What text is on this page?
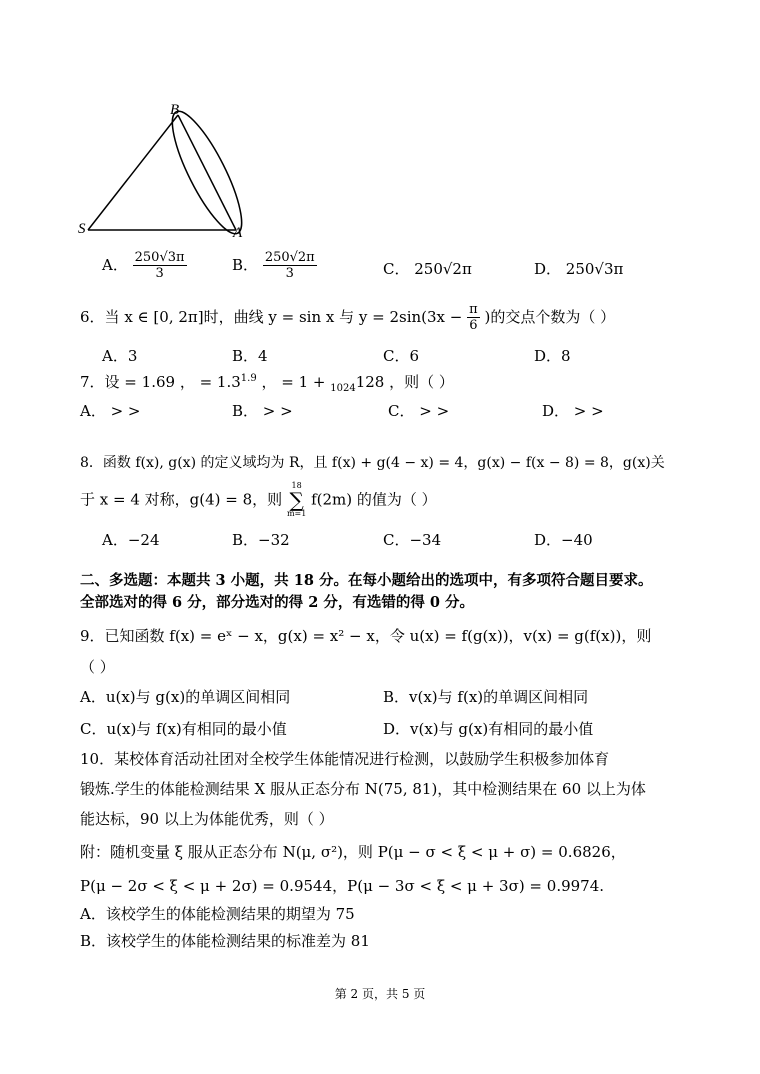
B
S	A
A． $\frac{250√3\pi}{3}$	B． $\frac{250√2\pi}{3}$	C． 250√2π	D． 250√3π
6．当 x ∈ [0, 2π]时，曲线 y = sin x 与 $y = 2\sin(3x - \frac{\pi}{6}$ )的交点个数为（ ）
A．3	B．4	C．6	D．8
7．设 = 1.69 ， = $1.3^{1.9}$ ， = 1 + $_{1024}$128 ，则（ ）
A． > >	B． > >	C． > >	D． > >
8．函数 f(x), g(x) 的定义域均为 R，且 f(x) + g(4 − x) = 4，g(x) − f(x − 8) = 8，g(x)关
于 x = 4 对称，g(4) = 8，则
18
∑
m=1
f(2m) 的值为（ ）
A．−24	B．−32	C．−34	D．−40
二、多选题：本题共 3 小题，共 18 分。在每小题给出的选项中，有多项符合题目要求。
全部选对的得 6 分，部分选对的得 2 分，有选错的得 0 分。
9．已知函数 f(x) = eˣ − x，g(x) = x² − x，令 u(x) = f(g(x))，v(x) = g(f(x))，则
（ ）
A．u(x)与 g(x)的单调区间相同	B．v(x)与 f(x)的单调区间相同
C．u(x)与 f(x)有相同的最小值	D．v(x)与 g(x)有相同的最小值
10．某校体育活动社团对全校学生体能情况进行检测，以鼓励学生积极参加体育
锻炼.学生的体能检测结果 X 服从正态分布 N(75, 81)，其中检测结果在 60 以上为体
能达标，90 以上为体能优秀，则（ ）
附：随机变量 ξ 服从正态分布 N(μ, σ²)，则 P(μ − σ < ξ < μ + σ) = 0.6826，
P(μ − 2σ < ξ < μ + 2σ) = 0.9544，P(μ − 3σ < ξ < μ + 3σ) = 0.9974.
A．该校学生的体能检测结果的期望为 75
B．该校学生的体能检测结果的标准差为 81
第 2 页，共 5 页
